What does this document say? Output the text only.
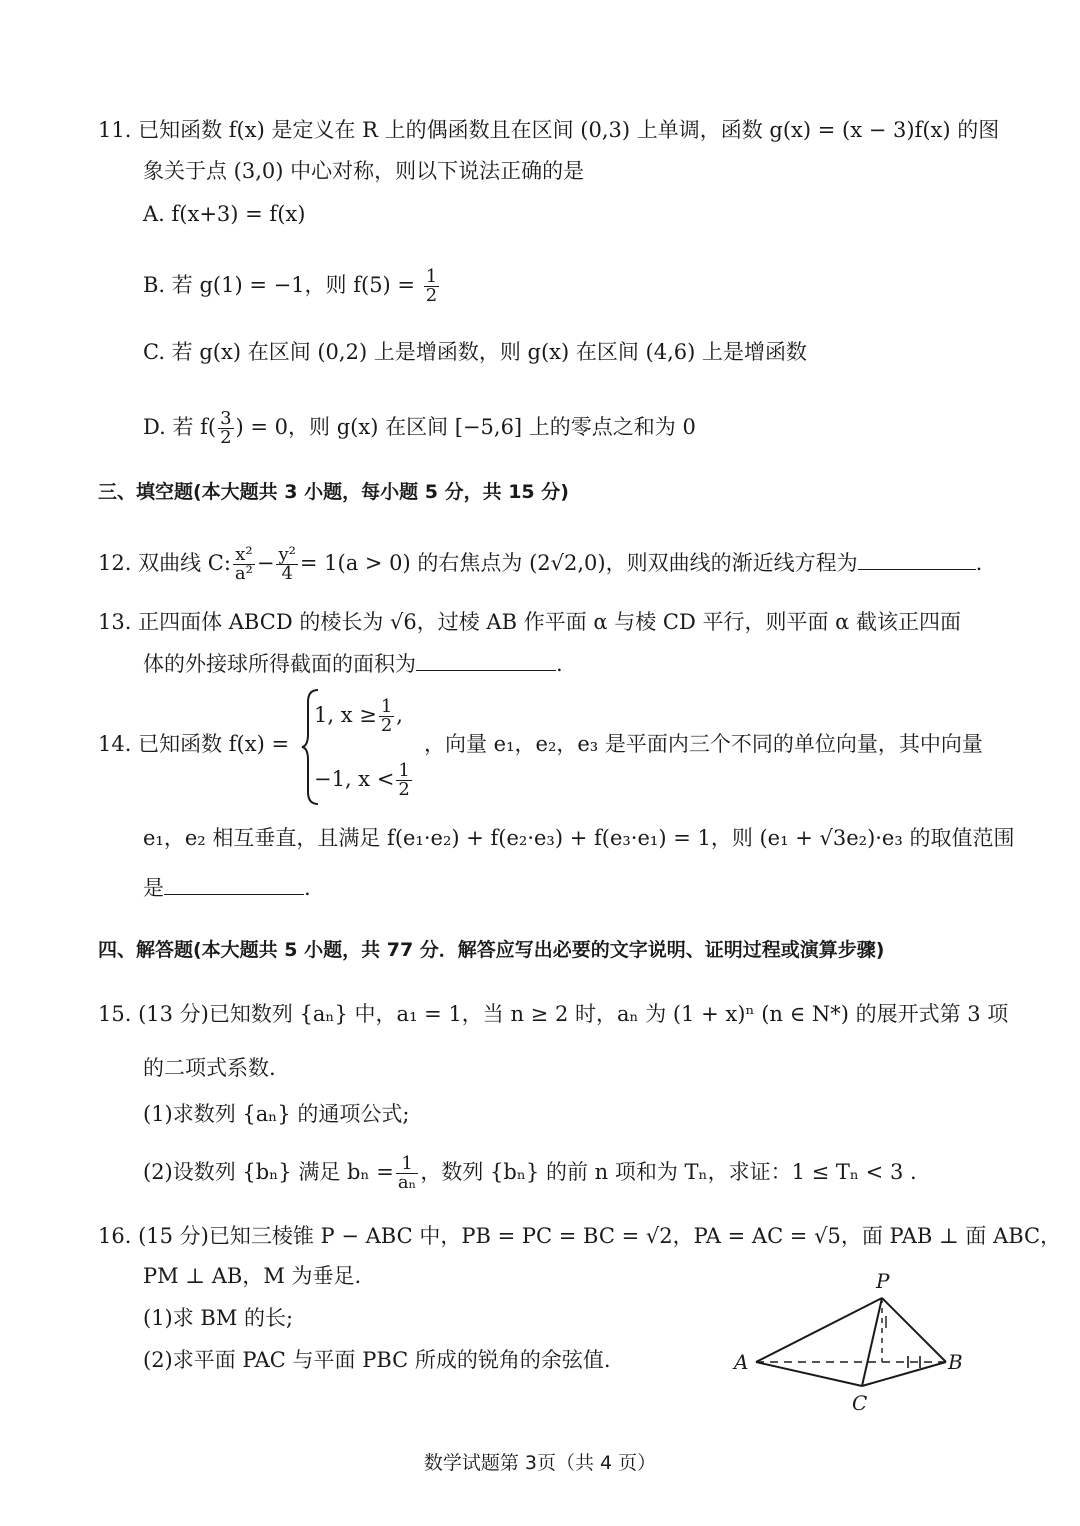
11. 已知函数 f(x) 是定义在 R 上的偶函数且在区间 (0,3) 上单调，函数 g(x) = (x − 3)f(x) 的图
象关于点 (3,0) 中心对称，则以下说法正确的是
A. f(x+3) = f(x)
B. 若 g(1) = −1，则 $f(5) = \frac{1}{2}$
C. 若 g(x) 在区间 (0,2) 上是增函数，则 g(x) 在区间 (4,6) 上是增函数
D. 若 $f( \frac{3}{2}$ ) = 0，则 g(x) 在区间 [−5,6] 上的零点之和为 0
三、填空题(本大题共 3 小题，每小题 5 分，共 15 分)
12. 双曲线 C: $\frac{\text{x²}}{\text{a²}} - \frac{\text{y²}}{4} = 1(a > 0)$ 的右焦点为 (2√2,0)，则双曲线的渐近线方程为	.
13. 正四面体 ABCD 的棱长为 √6，过棱 AB 作平面 α 与棱 CD 平行，则平面 α 截该正四面
体的外接球所得截面的面积为	.
14. 已知函数 f(x) =
1, $x \ge \frac{1}{2}$ ,
−1, $x < \frac{1}{2}$
，向量 e₁，e₂，e₃ 是平面内三个不同的单位向量，其中向量
e₁，e₂ 相互垂直，且满足 f(e₁·e₂) + f(e₂·e₃) + f(e₃·e₁) = 1，则 (e₁ + √3e₂)·e₃ 的取值范围
是	.
四、解答题(本大题共 5 小题，共 77 分．解答应写出必要的文字说明、证明过程或演算步骤)
15. (13 分)已知数列 {aₙ} 中，a₁ = 1，当 n ≥ 2 时，aₙ 为 (1 + x)ⁿ (n ∈ N*) 的展开式第 3 项
的二项式系数.
(1)求数列 {aₙ} 的通项公式;
(2)设数列 {bₙ} 满足 $b_n = \frac{1}{\text{aₙ}}$ ，数列 {bₙ} 的前 n 项和为 Tₙ，求证：1 ≤ Tₙ < 3 .
16. (15 分)已知三棱锥 P − ABC 中，PB = PC = BC = √2，PA = AC = √5，面 PAB ⊥ 面 ABC，
PM ⊥ AB，M 为垂足.
(1)求 BM 的长;
(2)求平面 PAC 与平面 PBC 所成的锐角的余弦值.
P
A	B
C
数学试题第 3页（共 4 页）
